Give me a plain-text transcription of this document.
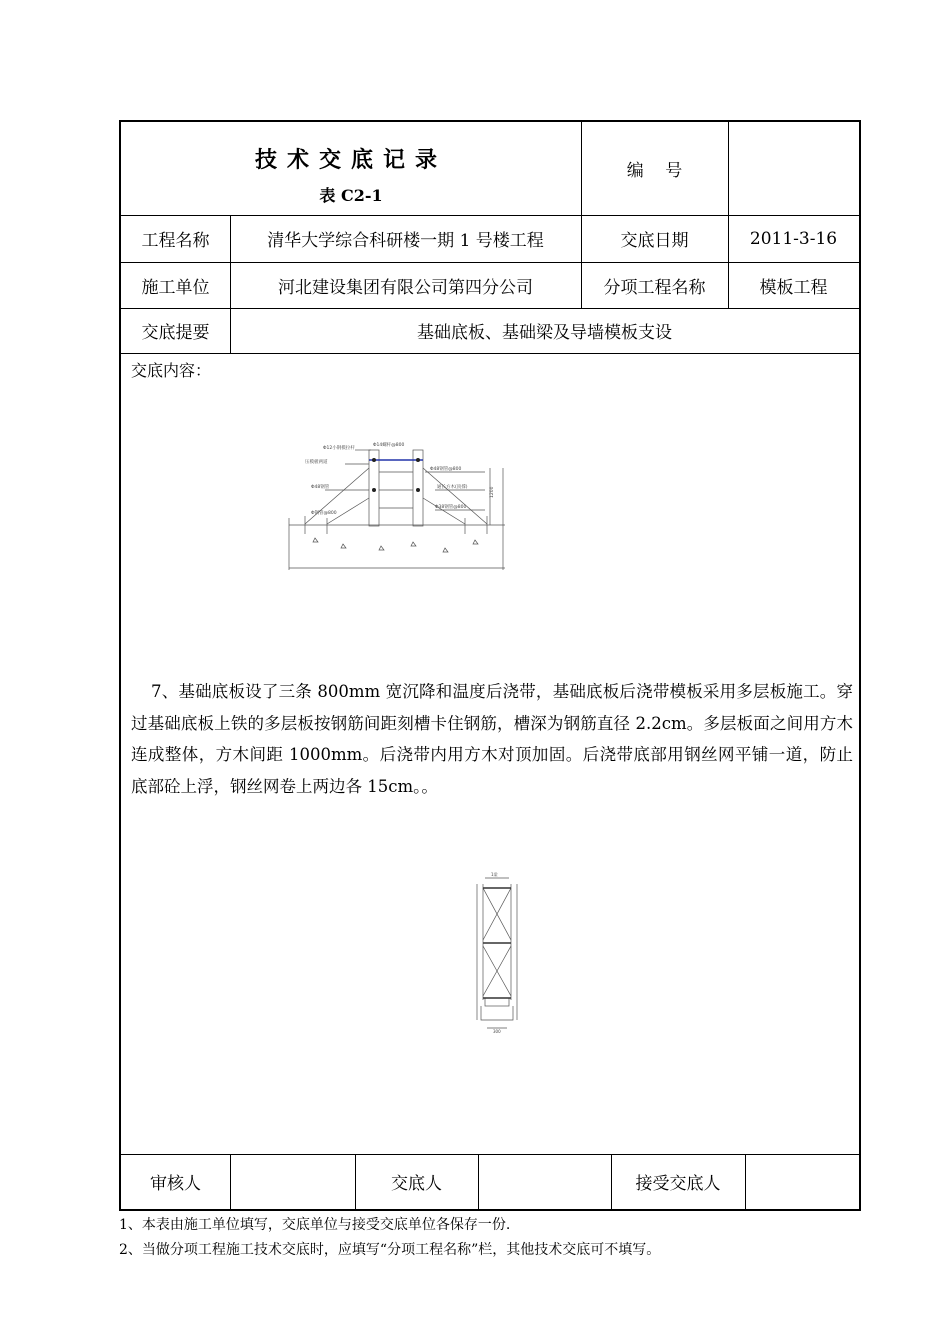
技术交底记录
表 C2-1
编    号
工程名称	清华大学综合科研楼一期 1 号楼工程	交底日期	2011-3-16
施工单位	河北建设集团有限公司第四分公司	分项工程名称	模板工程
交底提要	基础底板、基础梁及导墙模板支设
交底内容：
Φ12小钢模拉杆
Φ14螺杆@800
压模板两道
Φ48钢管@800
Φ48钢管	通长方木(顶撑)
Φ钢管@800
Φ38钢管@800
1200
7、基础底板设了三条 800mm 宽沉降和温度后浇带，基础底板后浇带模板采用多层板施工。穿过基础底板上铁的多层板按钢筋间距刻槽卡住钢筋，槽深为钢筋直径 2.2cm。多层板面之间用方木连成整体，方木间距 1000mm。后浇带内用方木对顶加固。后浇带底部用钢丝网平铺一道，防止底部砼上浮，钢丝网卷上两边各 15cm。。
1梁
300
审核人	交底人	接受交底人
1、本表由施工单位填写，交底单位与接受交底单位各保存一份.
2、当做分项工程施工技术交底时，应填写“分项工程名称”栏，其他技术交底可不填写。
